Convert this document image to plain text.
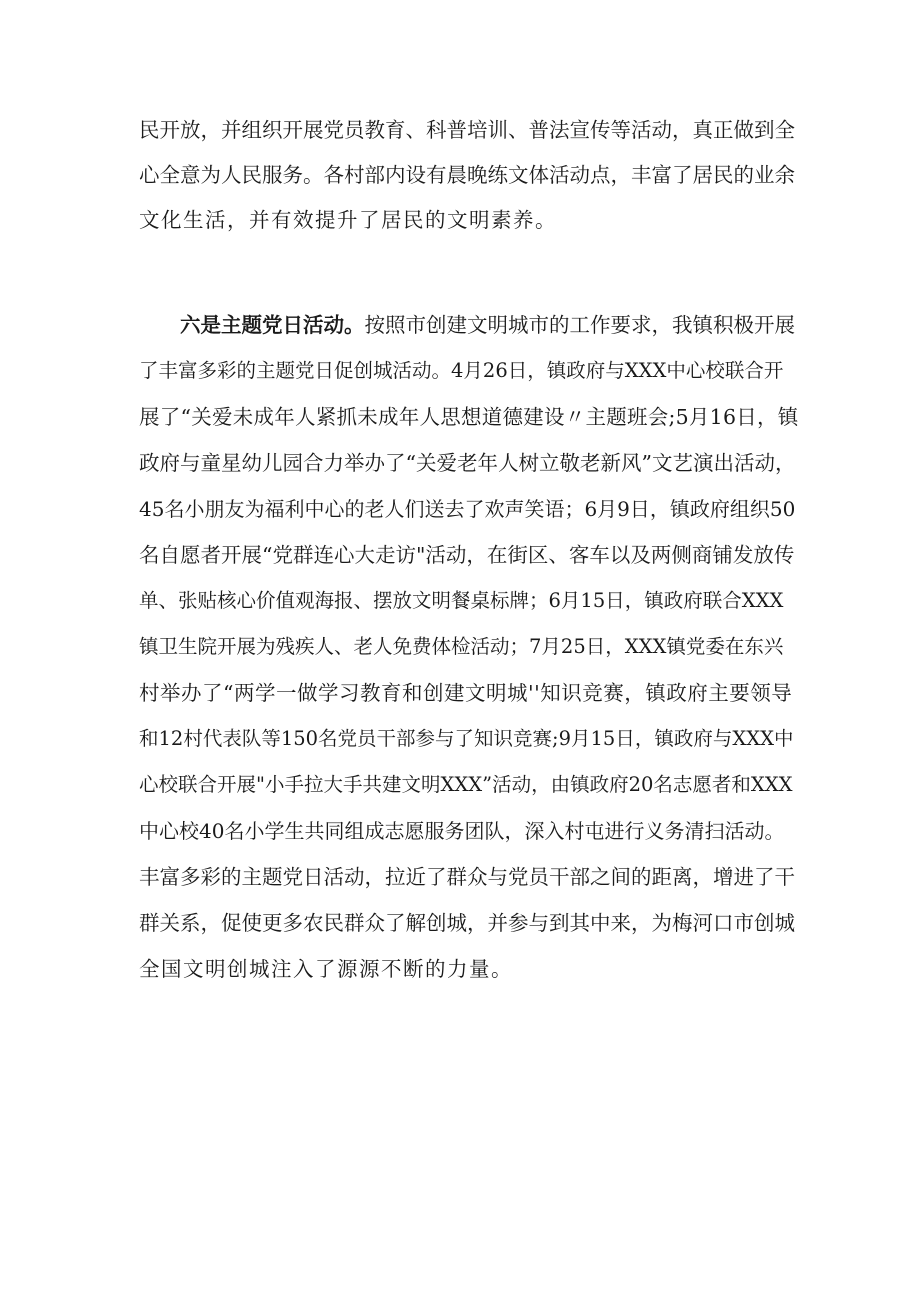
民开放，并组织开展党员教育、科普培训、普法宣传等活动，真正做到全
心全意为人民服务。各村部内设有晨晚练文体活动点，丰富了居民的业余
文化生活，并有效提升了居民的文明素养。
六是主题党日活动。按照市创建文明城市的工作要求，我镇积极开展
了丰富多彩的主题党日促创城活动。4月26日，镇政府与XXX中心校联合开
展了“关爱未成年人紧抓未成年人思想道德建设〃主题班会;5月16日，镇
政府与童星幼儿园合力举办了“关爱老年人树立敬老新风”文艺演出活动，
45名小朋友为福利中心的老人们送去了欢声笑语；6月9日，镇政府组织50
名自愿者开展“党群连心大走访"活动，在街区、客车以及两侧商铺发放传
单、张贴核心价值观海报、摆放文明餐桌标牌；6月15日，镇政府联合XXX
镇卫生院开展为残疾人、老人免费体检活动；7月25日，XXX镇党委在东兴
村举办了“两学一做学习教育和创建文明城''知识竞赛，镇政府主要领导
和12村代表队等150名党员干部参与了知识竞赛;9月15日，镇政府与XXX中
心校联合开展"小手拉大手共建文明XXX”活动，由镇政府20名志愿者和XXX
中心校40名小学生共同组成志愿服务团队，深入村屯进行义务清扫活动。
丰富多彩的主题党日活动，拉近了群众与党员干部之间的距离，增进了干
群关系，促使更多农民群众了解创城，并参与到其中来，为梅河口市创城
全国文明创城注入了源源不断的力量。
